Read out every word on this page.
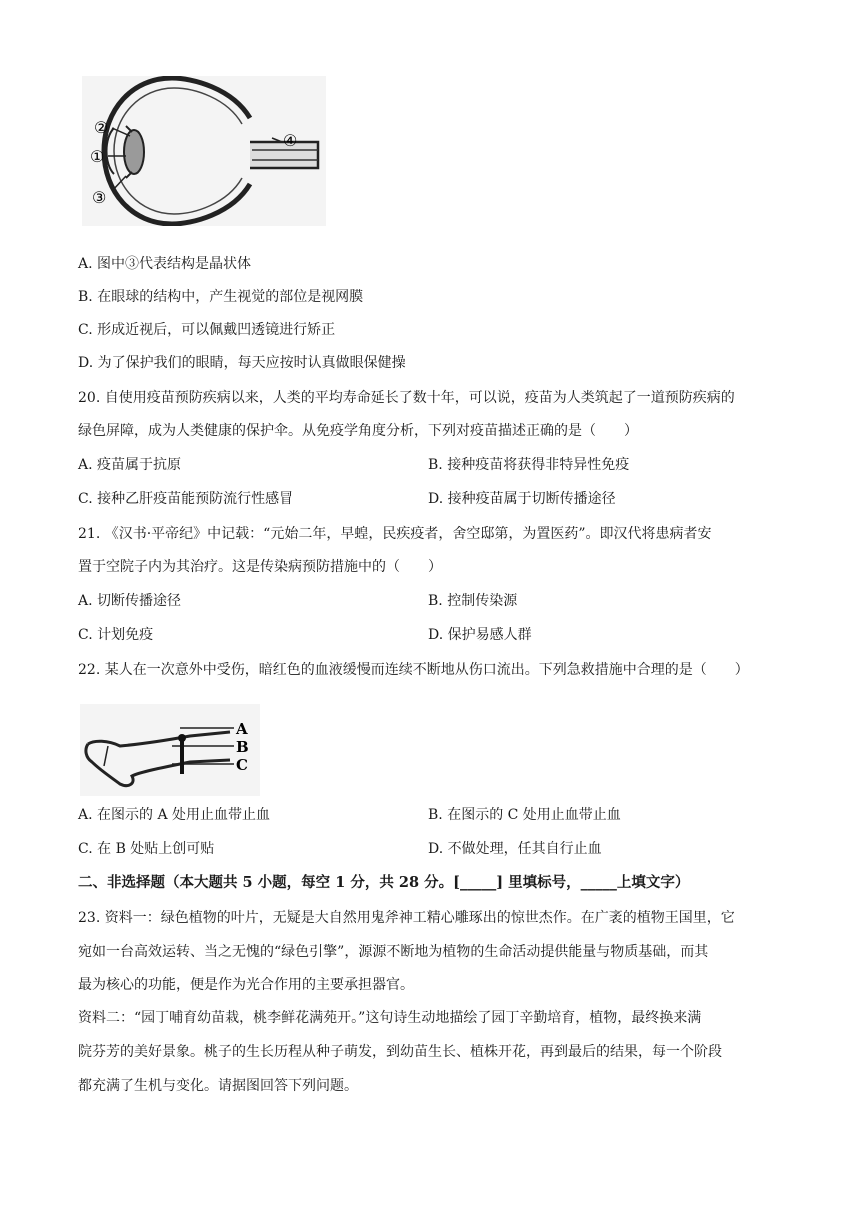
②
①
③
④
A. 图中③代表结构是晶状体
B. 在眼球的结构中，产生视觉的部位是视网膜
C. 形成近视后，可以佩戴凹透镜进行矫正
D. 为了保护我们的眼睛，每天应按时认真做眼保健操
20. 自使用疫苗预防疾病以来，人类的平均寿命延长了数十年，可以说，疫苗为人类筑起了一道预防疾病的
绿色屏障，成为人类健康的保护伞。从免疫学角度分析，下列对疫苗描述正确的是（　　）
A. 疫苗属于抗原	B. 接种疫苗将获得非特异性免疫
C. 接种乙肝疫苗能预防流行性感冒	D. 接种疫苗属于切断传播途径
21. 《汉书·平帝纪》中记载：“元始二年，早蝗，民疾疫者，舍空邸第，为置医药”。即汉代将患病者安
置于空院子内为其治疗。这是传染病预防措施中的（　　）
A. 切断传播途径	B. 控制传染源
C. 计划免疫	D. 保护易感人群
22. 某人在一次意外中受伤，暗红色的血液缓慢而连续不断地从伤口流出。下列急救措施中合理的是（　　）
A
B
C
A. 在图示的 A 处用止血带止血	B. 在图示的 C 处用止血带止血
C. 在 B 处贴上创可贴	D. 不做处理，任其自行止血
二、非选择题（本大题共 5 小题，每空 1 分，共 28 分。[_____] 里填标号，_____上填文字）
23. 资料一：绿色植物的叶片，无疑是大自然用鬼斧神工精心雕琢出的惊世杰作。在广袤的植物王国里，它
宛如一台高效运转、当之无愧的“绿色引擎”，源源不断地为植物的生命活动提供能量与物质基础，而其
最为核心的功能，便是作为光合作用的主要承担器官。
资料二：“园丁哺育幼苗栽，桃李鲜花满苑开。”这句诗生动地描绘了园丁辛勤培育，植物，最终换来满
院芬芳的美好景象。桃子的生长历程从种子萌发，到幼苗生长、植株开花，再到最后的结果，每一个阶段
都充满了生机与变化。请据图回答下列问题。
